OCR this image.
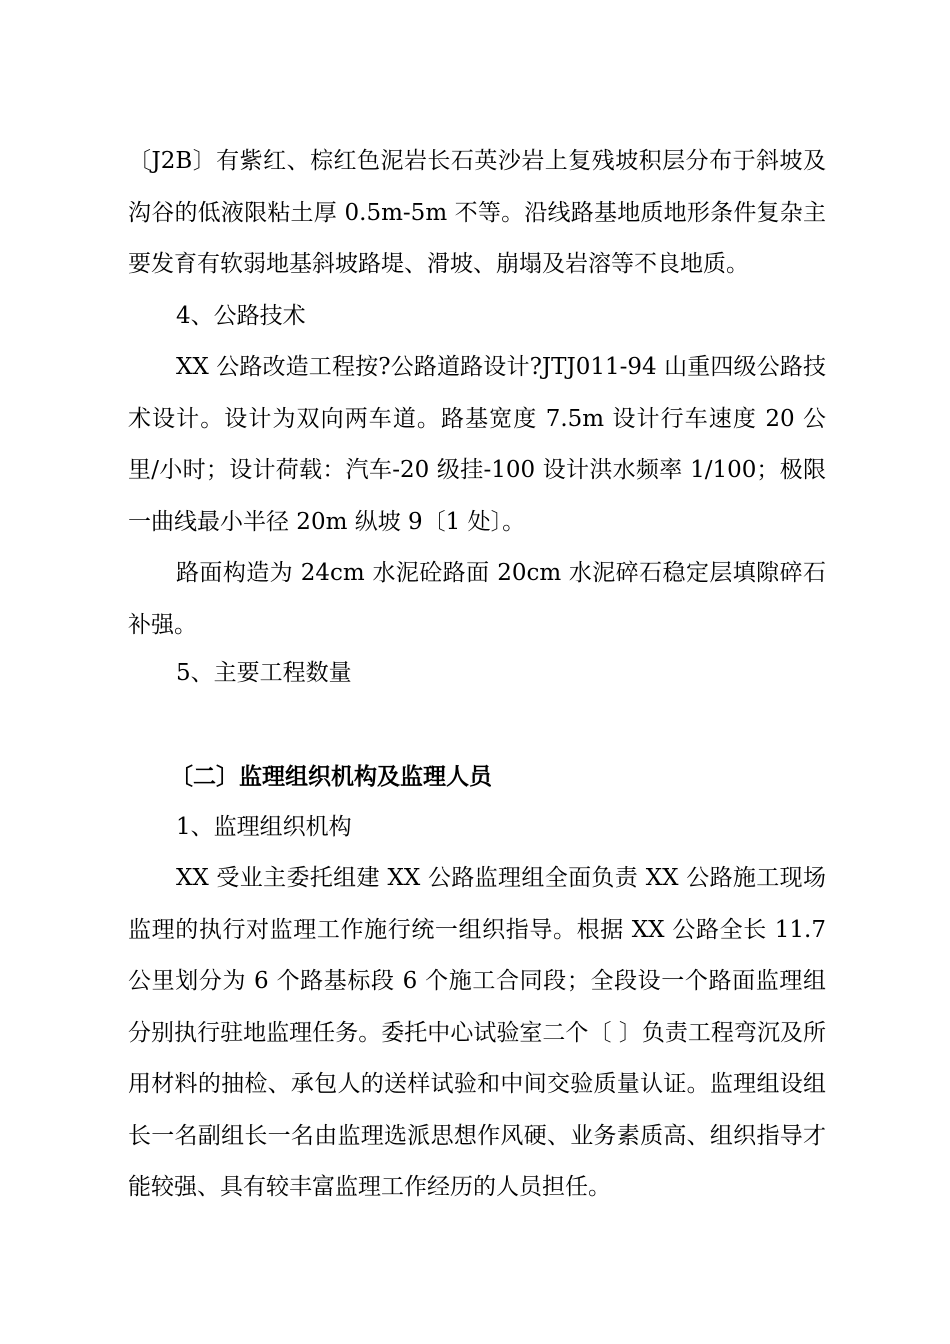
〔J2B〕有紫红、棕红色泥岩长石英沙岩上复残坡积层分布于斜坡及沟谷的低液限粘土厚 0.5m-5m 不等。沿线路基地质地形条件复杂主要发育有软弱地基斜坡路堤、滑坡、崩塌及岩溶等不良地质。

4、公路技术

XX 公路改造工程按?公路道路设计?JTJ011-94 山重四级公路技术设计。设计为双向两车道。路基宽度 7.5m 设计行车速度 20 公里/小时；设计荷载：汽车-20 级挂-100 设计洪水频率 1/100；极限一曲线最小半径 20m 纵坡 9〔1 处〕。

路面构造为 24cm 水泥砼路面 20cm 水泥碎石稳定层填隙碎石补强。

5、主要工程数量

〔二〕监理组织机构及监理人员

1、监理组织机构

XX 受业主委托组建 XX 公路监理组全面负责 XX 公路施工现场监理的执行对监理工作施行统一组织指导。根据 XX 公路全长 11.7 公里划分为 6 个路基标段 6 个施工合同段；全段设一个路面监理组分别执行驻地监理任务。委托中心试验室二个〔 〕负责工程弯沉及所用材料的抽检、承包人的送样试验和中间交验质量认证。监理组设组长一名副组长一名由监理选派思想作风硬、业务素质高、组织指导才能较强、具有较丰富监理工作经历的人员担任。
